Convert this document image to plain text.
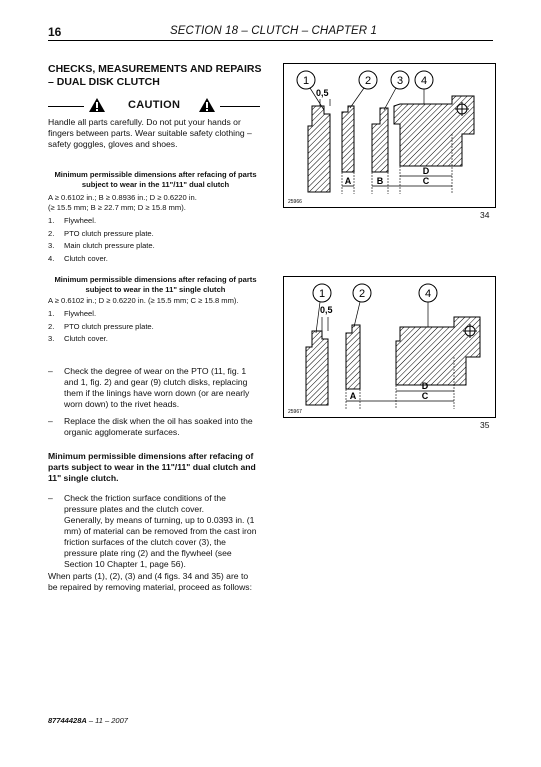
16	SECTION 18 – CLUTCH – CHAPTER 1
CHECKS, MEASUREMENTS AND REPAIRS – DUAL DISK CLUTCH
CAUTION
Handle all parts carefully. Do not put your hands or fingers between parts. Wear suitable safety clothing – safety goggles, gloves and shoes.
Minimum permissible dimensions after refacing of parts subject to wear in the 11"/11" dual clutch
A ≥ 0.6102 in.; B ≥ 0.8936 in.; D ≥ 0.6220 in.
(≥ 15.5 mm; B ≥ 22.7 mm; D ≥ 15.8 mm).
1. Flywheel.
2. PTO clutch pressure plate.
3. Main clutch pressure plate.
4. Clutch cover.
Minimum permissible dimensions after refacing of parts subject to wear in the 11" single clutch
A ≥ 0.6102 in.; D ≥ 0.6220 in. (≥ 15.5 mm; C ≥ 15.8 mm).
1. Flywheel.
2. PTO clutch pressure plate.
3. Clutch cover.
– Check the degree of wear on the PTO (11, fig. 1 and 1, fig. 2) and gear (9) clutch disks, replacing them if the linings have worn down (or are nearly worn down) to the rivet heads.
– Replace the disk when the oil has soaked into the organic agglomerate surfaces.
Minimum permissible dimensions after refacing of parts subject to wear in the 11"/11" dual clutch and 11" single clutch.
– Check the friction surface conditions of the pressure plates and the clutch cover.
Generally, by means of turning, up to 0.0393 in. (1 mm) of material can be removed from the cast iron friction surfaces of the clutch cover (3), the pressure plate ring (2) and the flywheel (see Section 10 Chapter 1, page 56).
When parts (1), (2), (3) and (4 figs. 34 and 35) are to be repaired by removing material, proceed as follows:
1	2 3 4
0,5
A	B
D
C
25966
34
1	2	4
0,5
A
D
C
25967
35
87744428A – 11 – 2007
